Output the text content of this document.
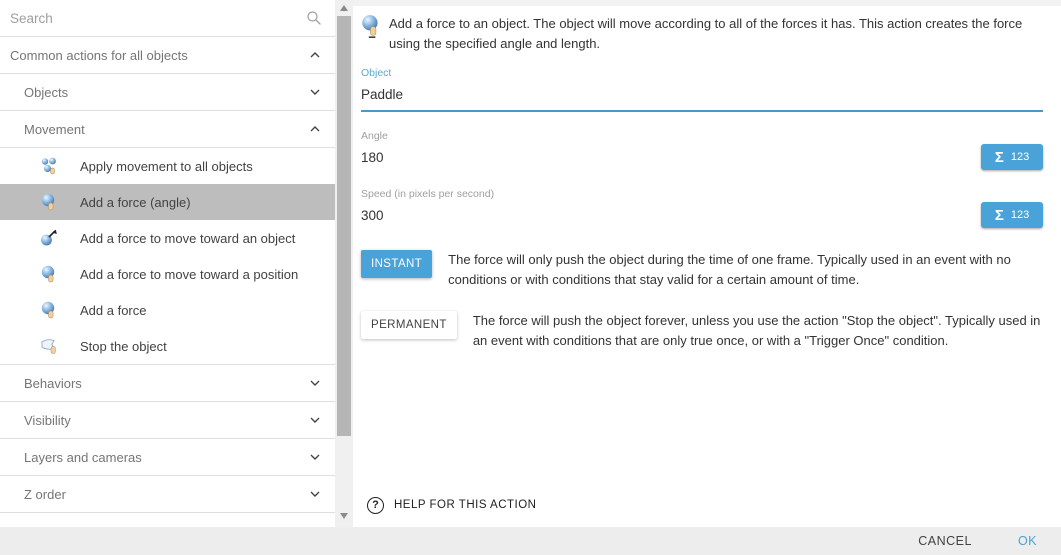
Search
Common actions for all objects
Objects
Movement
Apply movement to all objects
Add a force (angle)
Add a force to move toward an object
Add a force to move toward a position
Add a force
Stop the object
Behaviors
Visibility
Layers and cameras
Z order

Add a force to an object. The object will move according to all of the forces it has. This action creates the force using the specified angle and length.

Object
Paddle
Angle
180
Σ 123
Speed (in pixels per second)
300
Σ 123
INSTANT	The force will only push the object during the time of one frame. Typically used in an event with no conditions or with conditions that stay valid for a certain amount of time.

PERMANENT	The force will push the object forever, unless you use the action "Stop the object". Typically used in an event with conditions that are only true once, or with a "Trigger Once" condition.

?	HELP FOR THIS ACTION
CANCEL	OK
